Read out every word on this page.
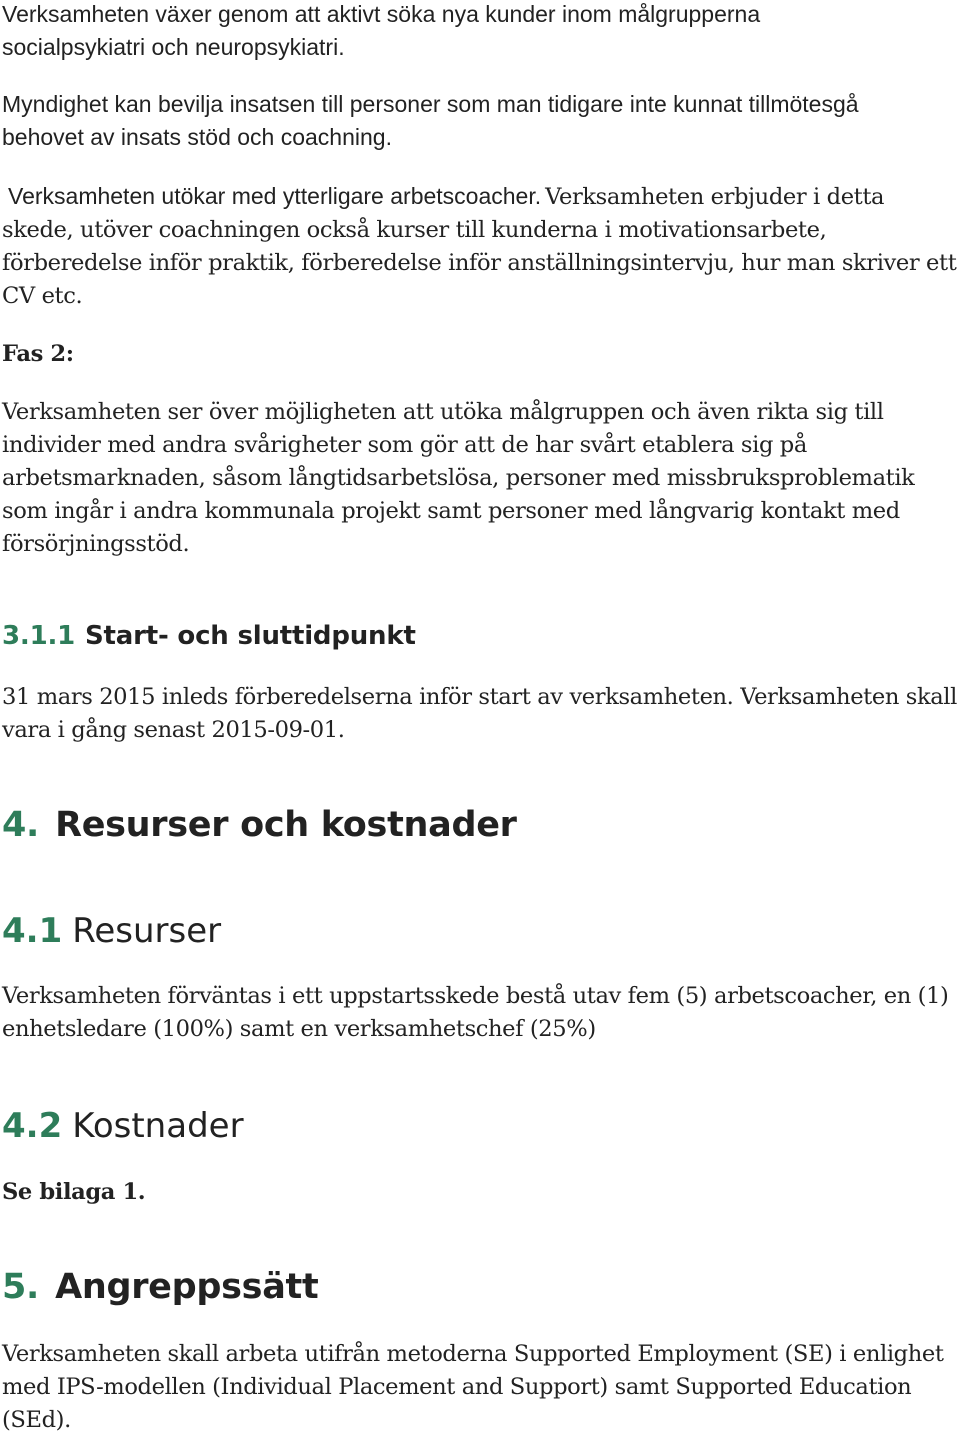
Verksamheten växer genom att aktivt söka nya kunder inom målgrupperna
socialpsykiatri och neuropsykiatri.
Myndighet kan bevilja insatsen till personer som man tidigare inte kunnat tillmötesgå
behovet av insats stöd och coachning.
Verksamheten utökar med ytterligare arbetscoacher. Verksamheten erbjuder i detta
skede, utöver coachningen också kurser till kunderna i motivationsarbete,
förberedelse inför praktik, förberedelse inför anställningsintervju, hur man skriver ett
CV etc.
Fas 2:
Verksamheten ser över möjligheten att utöka målgruppen och även rikta sig till
individer med andra svårigheter som gör att de har svårt etablera sig på
arbetsmarknaden, såsom långtidsarbetslösa, personer med missbruksproblematik
som ingår i andra kommunala projekt samt personer med långvarig kontakt med
försörjningsstöd.
3.1.1 Start- och sluttidpunkt
31 mars 2015 inleds förberedelserna inför start av verksamheten. Verksamheten skall
vara i gång senast 2015-09-01.
4. Resurser och kostnader
4.1 Resurser
Verksamheten förväntas i ett uppstartsskede bestå utav fem (5) arbetscoacher, en (1)
enhetsledare (100%) samt en verksamhetschef (25%)
4.2 Kostnader
Se bilaga 1.
5. Angreppssätt
Verksamheten skall arbeta utifrån metoderna Supported Employment (SE) i enlighet
med IPS-modellen (Individual Placement and Support) samt Supported Education
(SEd).
